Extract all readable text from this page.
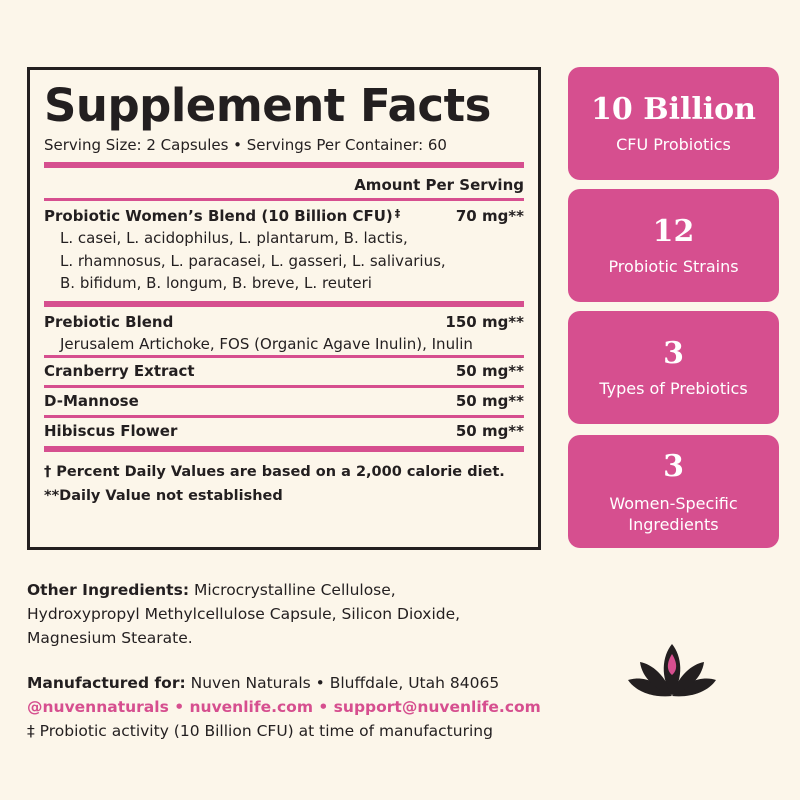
Supplement Facts
Serving Size: 2 Capsules • Servings Per Container: 60
Amount Per Serving
Probiotic Women’s Blend (10 Billion CFU) ‡	70 mg**
L. casei, L. acidophilus, L. plantarum, B. lactis,
L. rhamnosus, L. paracasei, L. gasseri, L. salivarius,
B. bifidum, B. longum, B. breve, L. reuteri
Prebiotic Blend	150 mg**
Jerusalem Artichoke, FOS (Organic Agave Inulin), Inulin
Cranberry Extract	50 mg**
D-Mannose	50 mg**
Hibiscus Flower	50 mg**
† Percent Daily Values are based on a 2,000 calorie diet.
**Daily Value not established
10 Billion
CFU Probiotics
12
Probiotic Strains
3
Types of Prebiotics
3
Women-Specific
Ingredients
Other Ingredients: Microcrystalline Cellulose,
Hydroxypropyl Methylcellulose Capsule, Silicon Dioxide,
Magnesium Stearate.
Manufactured for: Nuven Naturals • Bluffdale, Utah 84065
@nuvennaturals • nuvenlife.com • support@nuvenlife.com
‡ Probiotic activity (10 Billion CFU) at time of manufacturing
